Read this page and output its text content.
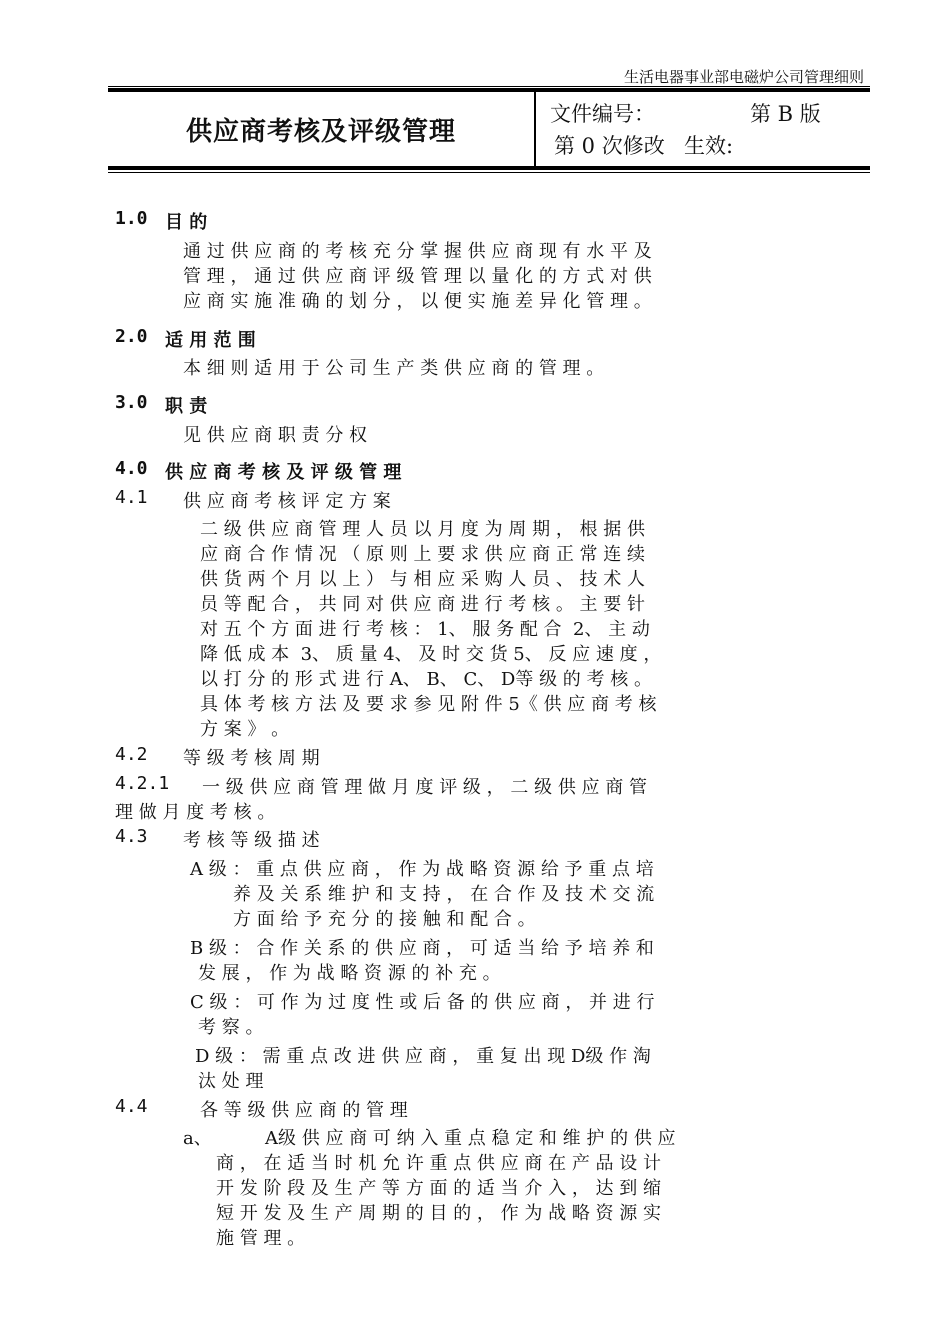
生活电器事业部电磁炉公司管理细则
供应商考核及评级管理
文件编号：	第 B 版
第 0 次修改 生效:
1.0 目 的
通 过 供 应 商 的 考 核 充 分 掌 握 供 应 商 现 有 水 平 及
管 理 ， 通 过 供 应 商 评 级 管 理 以 量 化 的 方 式 对 供
应 商 实 施 准 确 的 划 分 ， 以 便 实 施 差 异 化 管 理 。
2.0 适 用 范 围
本 细 则 适 用 于 公 司 生 产 类 供 应 商 的 管 理 。
3.0 职 责
见 供 应 商 职 责 分 权
4.0 供 应 商 考 核 及 评 级 管 理
4.1 供 应 商 考 核 评 定 方 案
二 级 供 应 商 管 理 人 员 以 月 度 为 周 期 ， 根 据 供
应 商 合 作 情 况 （ 原 则 上 要 求 供 应 商 正 常 连 续
供 货 两 个 月 以 上 ） 与 相 应 采 购 人 员 、 技 术 人
员 等 配 合 ， 共 同 对 供 应 商 进 行 考 核 。 主 要 针
对 五 个 方 面 进 行 考 核 ： 1、 服 务 配 合  2、 主 动
降 低 成 本  3、 质 量 4、 及 时 交 货 5、 反 应 速 度 ，
以 打 分 的 形 式 进 行 A、 B、 C、 D等 级 的 考 核 。
具 体 考 核 方 法 及 要 求 参 见 附 件 5《 供 应 商 考 核
方 案 》 。
4.2 等 级 考 核 周 期
4.2.1 一 级 供 应 商 管 理 做 月 度 评 级 ， 二 级 供 应 商 管
理 做 月 度 考 核 。
4.3 考 核 等 级 描 述
A 级 ： 重 点 供 应 商 ， 作 为 战 略 资 源 给 予 重 点 培
养 及 关 系 维 护 和 支 持 ， 在 合 作 及 技 术 交 流
方 面 给 予 充 分 的 接 触 和 配 合 。
B 级 ： 合 作 关 系 的 供 应 商 ， 可 适 当 给 予 培 养 和
发 展 ， 作 为 战 略 资 源 的 补 充 。
C 级 ： 可 作 为 过 度 性 或 后 备 的 供 应 商 ， 并 进 行
考 察 。
D 级 ： 需 重 点 改 进 供 应 商 ， 重 复 出 现 D级 作 淘
汰 处 理
4.4	各 等 级 供 应 商 的 管 理
a、	A级 供 应 商 可 纳 入 重 点 稳 定 和 维 护 的 供 应
商 ， 在 适 当 时 机 允 许 重 点 供 应 商 在 产 品 设 计
开 发 阶 段 及 生 产 等 方 面 的 适 当 介 入 ， 达 到 缩
短 开 发 及 生 产 周 期 的 目 的 ， 作 为 战 略 资 源 实
施 管 理 。
